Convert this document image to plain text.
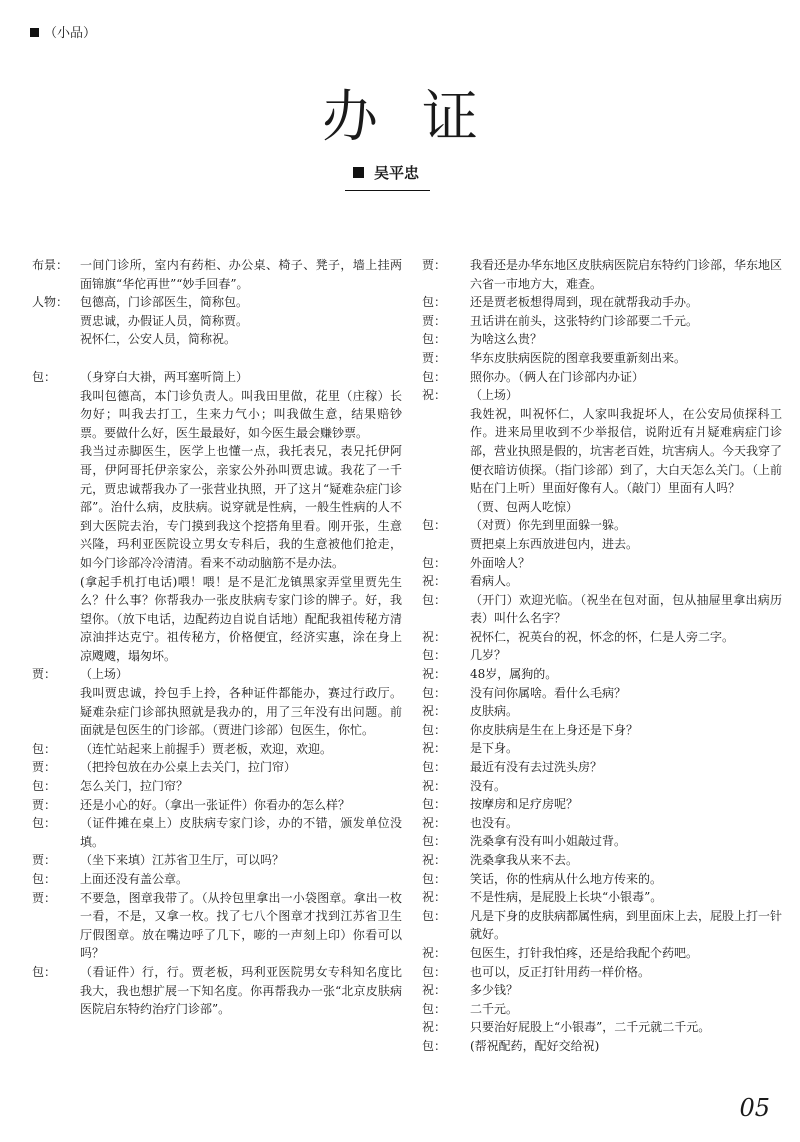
（小品）
办证
吴平忠
布景： 一间门诊所，室内有药柜、办公桌、椅子、凳子，墙上挂两面锦旗“华佗再世”“妙手回春”。
人物： 包德高，门诊部医生，简称包。
贾忠诚，办假证人员，简称贾。
祝怀仁，公安人员，简称祝。
包：	（身穿白大褂，两耳塞听筒上）
我叫包德高，本门诊负责人。叫我田里做，花里（庄稼）长勿好；叫我去打工，生来力气小；叫我做生意，结果赔钞票。要做什么好，医生最最好，如今医生最会赚钞票。
我当过赤脚医生，医学上也懂一点，我托表兄，表兄托伊阿哥，伊阿哥托伊亲家公，亲家公外孙叫贾忠诚。我花了一千元，贾忠诚帮我办了一张营业执照，开了这爿“疑难杂症门诊部”。治什么病，皮肤病。说穿就是性病，一般生性病的人不到大医院去治，专门摸到我这个挖搭角里看。刚开张，生意兴隆，玛利亚医院设立男女专科后，我的生意被他们抢走，如今门诊部冷冷清清。看来不动动脑筋不是办法。
(拿起手机打电话)喂！喂！是不是汇龙镇黑家弄堂里贾先生么？什么事？你帮我办一张皮肤病专家门诊的牌子。好，我望你。（放下电话，边配药边自说自话地）配配我祖传秘方清凉油拌达克宁。祖传秘方，价格便宜，经济实惠，涂在身上凉飕飕，塌匆坏。
贾：	（上场）
我叫贾忠诚，拎包手上拎，各种证件都能办，赛过行政厅。疑难杂症门诊部执照就是我办的，用了三年没有出问题。前面就是包医生的门诊部。（贾进门诊部）包医生，你忙。
包：	（连忙站起来上前握手）贾老板，欢迎，欢迎。
贾：	（把拎包放在办公桌上去关门，拉门帘）
包：	怎么关门，拉门帘？
贾：	还是小心的好。（拿出一张证件）你看办的怎么样？
包：	（证件摊在桌上）皮肤病专家门诊，办的不错，颁发单位没填。
贾：	（坐下来填）江苏省卫生厅，可以吗？
包：	上面还没有盖公章。
贾：	不要急，图章我带了。（从拎包里拿出一小袋图章。拿出一枚一看，不是，又拿一枚。找了七八个图章才找到江苏省卫生厅假图章。放在嘴边呼了几下，嘭的一声刻上印）你看可以吗？
包：	（看证件）行，行。贾老板，玛利亚医院男女专科知名度比我大，我也想扩展一下知名度。你再帮我办一张“北京皮肤病医院启东特约治疗门诊部”。
贾：	我看还是办华东地区皮肤病医院启东特约门诊部，华东地区六省一市地方大，难查。
包：	还是贾老板想得周到，现在就帮我动手办。
贾：	丑话讲在前头，这张特约门诊部要二千元。
包：	为啥这么贵？
贾：	华东皮肤病医院的图章我要重新刻出来。
包：	照你办。（俩人在门诊部内办证）
祝：	（上场）
我姓祝，叫祝怀仁，人家叫我捉坏人，在公安局侦探科工作。进来局里收到不少举报信，说附近有爿疑难病症门诊部，营业执照是假的，坑害老百姓，坑害病人。今天我穿了便衣暗访侦探。（指门诊部）到了，大白天怎么关门。（上前贴在门上听）里面好像有人。（敲门）里面有人吗？
（贾、包两人吃惊）
包：	（对贾）你先到里面躲一躲。
贾把桌上东西放进包内，进去。
包：	外面啥人？
祝：	看病人。
包：	（开门）欢迎光临。（祝坐在包对面，包从抽屉里拿出病历表）叫什么名字？
祝：	祝怀仁，祝英台的祝，怀念的怀，仁是人旁二字。
包：	几岁？
祝：	48岁，属狗的。
包：	没有问你属啥。看什么毛病？
祝：	皮肤病。
包：	你皮肤病是生在上身还是下身？
祝：	是下身。
包：	最近有没有去过洗头房？
祝：	没有。
包：	按摩房和足疗房呢？
祝：	也没有。
包：	洗桑拿有没有叫小姐敲过背。
祝：	洗桑拿我从来不去。
包：	笑话，你的性病从什么地方传来的。
祝：	不是性病，是屁股上长块“小银毒”。
包：	凡是下身的皮肤病都属性病，到里面床上去，屁股上打一针就好。
祝：	包医生，打针我怕疼，还是给我配个药吧。
包：	也可以，反正打针用药一样价格。
祝：	多少钱？
包：	二千元。
祝：	只要治好屁股上“小银毒”，二千元就二千元。
包：	(帮祝配药，配好交给祝)
05
